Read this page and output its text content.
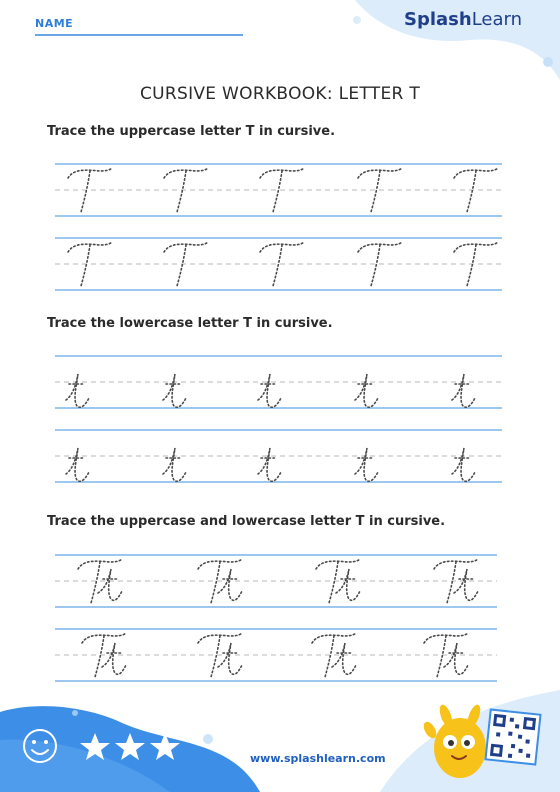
NAME	SplashLearn
CURSIVE WORKBOOK: LETTER T
Trace the uppercase letter T in cursive.
Trace the lowercase letter T in cursive.
Trace the uppercase and lowercase letter T in cursive.
www.splashlearn.com
